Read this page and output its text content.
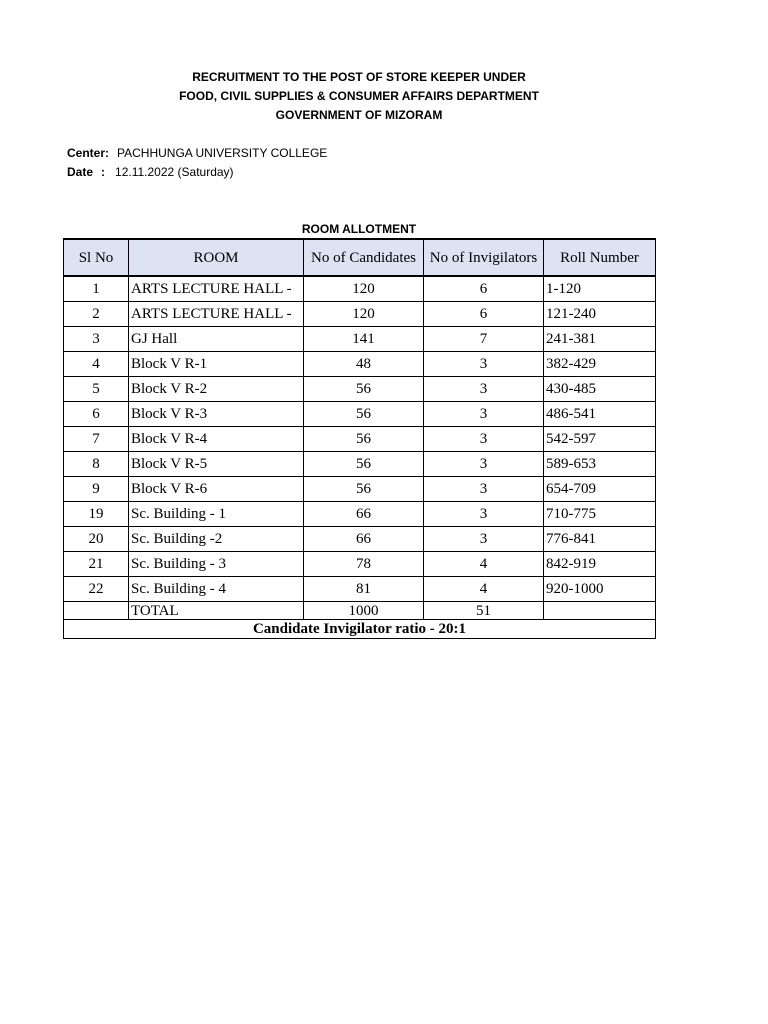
RECRUITMENT TO THE POST OF STORE KEEPER UNDER
FOOD, CIVIL SUPPLIES & CONSUMER AFFAIRS DEPARTMENT
GOVERNMENT OF MIZORAM
Center: PACHHUNGA UNIVERSITY COLLEGE
Date : 12.11.2022 (Saturday)
ROOM ALLOTMENT
Sl No	ROOM	No of Candidates	No of Invigilators	Roll Number
1	ARTS LECTURE HALL -	120	6	1-120
2	ARTS LECTURE HALL -	120	6	121-240
3	GJ Hall	141	7	241-381
4	Block V R-1	48	3	382-429
5	Block V R-2	56	3	430-485
6	Block V R-3	56	3	486-541
7	Block V R-4	56	3	542-597
8	Block V R-5	56	3	589-653
9	Block V R-6	56	3	654-709
19	Sc. Building - 1	66	3	710-775
20	Sc. Building -2	66	3	776-841
21	Sc. Building - 3	78	4	842-919
22	Sc. Building - 4	81	4	920-1000
	TOTAL	1000	51	
Candidate Invigilator ratio - 20:1				
